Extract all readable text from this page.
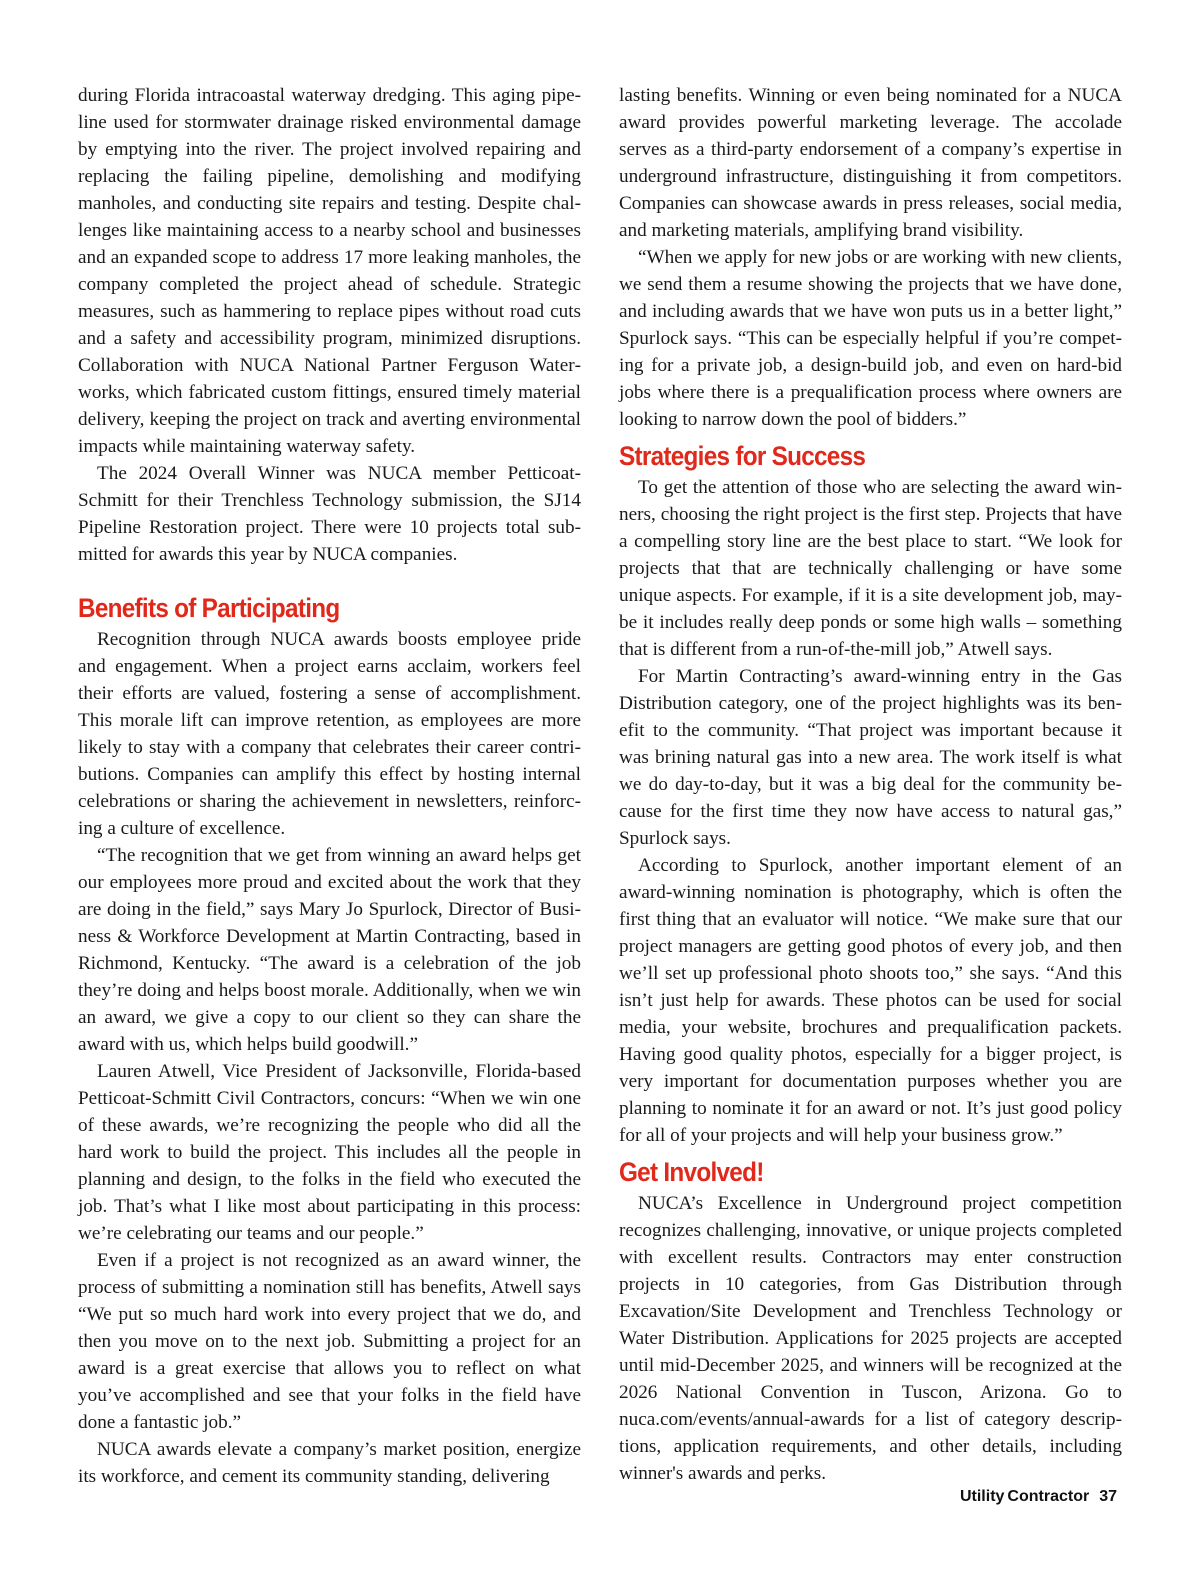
during Florida intracoastal waterway dredging. This aging pipeline used for stormwater drainage risked environmental damage by emptying into the river. The project involved repairing and replacing the failing pipeline, demolishing and modifying manholes, and conducting site repairs and testing. Despite challenges like maintaining access to a nearby school and businesses and an expanded scope to address 17 more leaking manholes, the company completed the project ahead of schedule. Strategic measures, such as hammering to replace pipes without road cuts and a safety and accessibility program, minimized disruptions. Collaboration with NUCA National Partner Ferguson Waterworks, which fabricated custom fittings, ensured timely material delivery, keeping the project on track and averting environmental impacts while maintaining waterway safety.

The 2024 Overall Winner was NUCA member Petticoat-Schmitt for their Trenchless Technology submission, the SJ14 Pipeline Restoration project. There were 10 projects total submitted for awards this year by NUCA companies.

Benefits of Participating

Recognition through NUCA awards boosts employee pride and engagement. When a project earns acclaim, workers feel their efforts are valued, fostering a sense of accomplishment. This morale lift can improve retention, as employees are more likely to stay with a company that celebrates their career contributions. Companies can amplify this effect by hosting internal celebrations or sharing the achievement in newsletters, reinforcing a culture of excellence.

“The recognition that we get from winning an award helps get our employees more proud and excited about the work that they are doing in the field,” says Mary Jo Spurlock, Director of Business & Workforce Development at Martin Contracting, based in Richmond, Kentucky. “The award is a celebration of the job they’re doing and helps boost morale. Additionally, when we win an award, we give a copy to our client so they can share the award with us, which helps build goodwill.”

Lauren Atwell, Vice President of Jacksonville, Florida-based Petticoat-Schmitt Civil Contractors, concurs: “When we win one of these awards, we’re recognizing the people who did all the hard work to build the project. This includes all the people in planning and design, to the folks in the field who executed the job. That’s what I like most about participating in this process: we’re celebrating our teams and our people.”

Even if a project is not recognized as an award winner, the process of submitting a nomination still has benefits, Atwell says “We put so much hard work into every project that we do, and then you move on to the next job. Submitting a project for an award is a great exercise that allows you to reflect on what you’ve accomplished and see that your folks in the field have done a fantastic job.”

NUCA awards elevate a company’s market position, energize its workforce, and cement its community standing, delivering

lasting benefits. Winning or even being nominated for a NUCA award provides powerful marketing leverage. The accolade serves as a third-party endorsement of a company’s expertise in underground infrastructure, distinguishing it from competitors. Companies can showcase awards in press releases, social media, and marketing materials, amplifying brand visibility.

“When we apply for new jobs or are working with new clients, we send them a resume showing the projects that we have done, and including awards that we have won puts us in a better light,” Spurlock says. “This can be especially helpful if you’re competing for a private job, a design-build job, and even on hard-bid jobs where there is a prequalification process where owners are looking to narrow down the pool of bidders.”

Strategies for Success

To get the attention of those who are selecting the award winners, choosing the right project is the first step. Projects that have a compelling story line are the best place to start. “We look for projects that that are technically challenging or have some unique aspects. For example, if it is a site development job, maybe it includes really deep ponds or some high walls – something that is different from a run-of-the-mill job,” Atwell says.

For Martin Contracting’s award-winning entry in the Gas Distribution category, one of the project highlights was its benefit to the community. “That project was important because it was brining natural gas into a new area. The work itself is what we do day-to-day, but it was a big deal for the community because for the first time they now have access to natural gas,” Spurlock says.

According to Spurlock, another important element of an award-winning nomination is photography, which is often the first thing that an evaluator will notice. “We make sure that our project managers are getting good photos of every job, and then we’ll set up professional photo shoots too,” she says. “And this isn’t just help for awards. These photos can be used for social media, your website, brochures and prequalification packets. Having good quality photos, especially for a bigger project, is very important for documentation purposes whether you are planning to nominate it for an award or not. It’s just good policy for all of your projects and will help your business grow.”

Get Involved!

NUCA’s Excellence in Underground project competition recognizes challenging, innovative, or unique projects completed with excellent results. Contractors may enter construction projects in 10 categories, from Gas Distribution through Excavation/Site Development and Trenchless Technology or Water Distribution. Applications for 2025 projects are accepted until mid-December 2025, and winners will be recognized at the 2026 National Convention in Tuscon, Arizona. Go to nuca.com/events/annual-awards for a list of category descriptions, application requirements, and other details, including winner's awards and perks.

Utility Contractor 37
